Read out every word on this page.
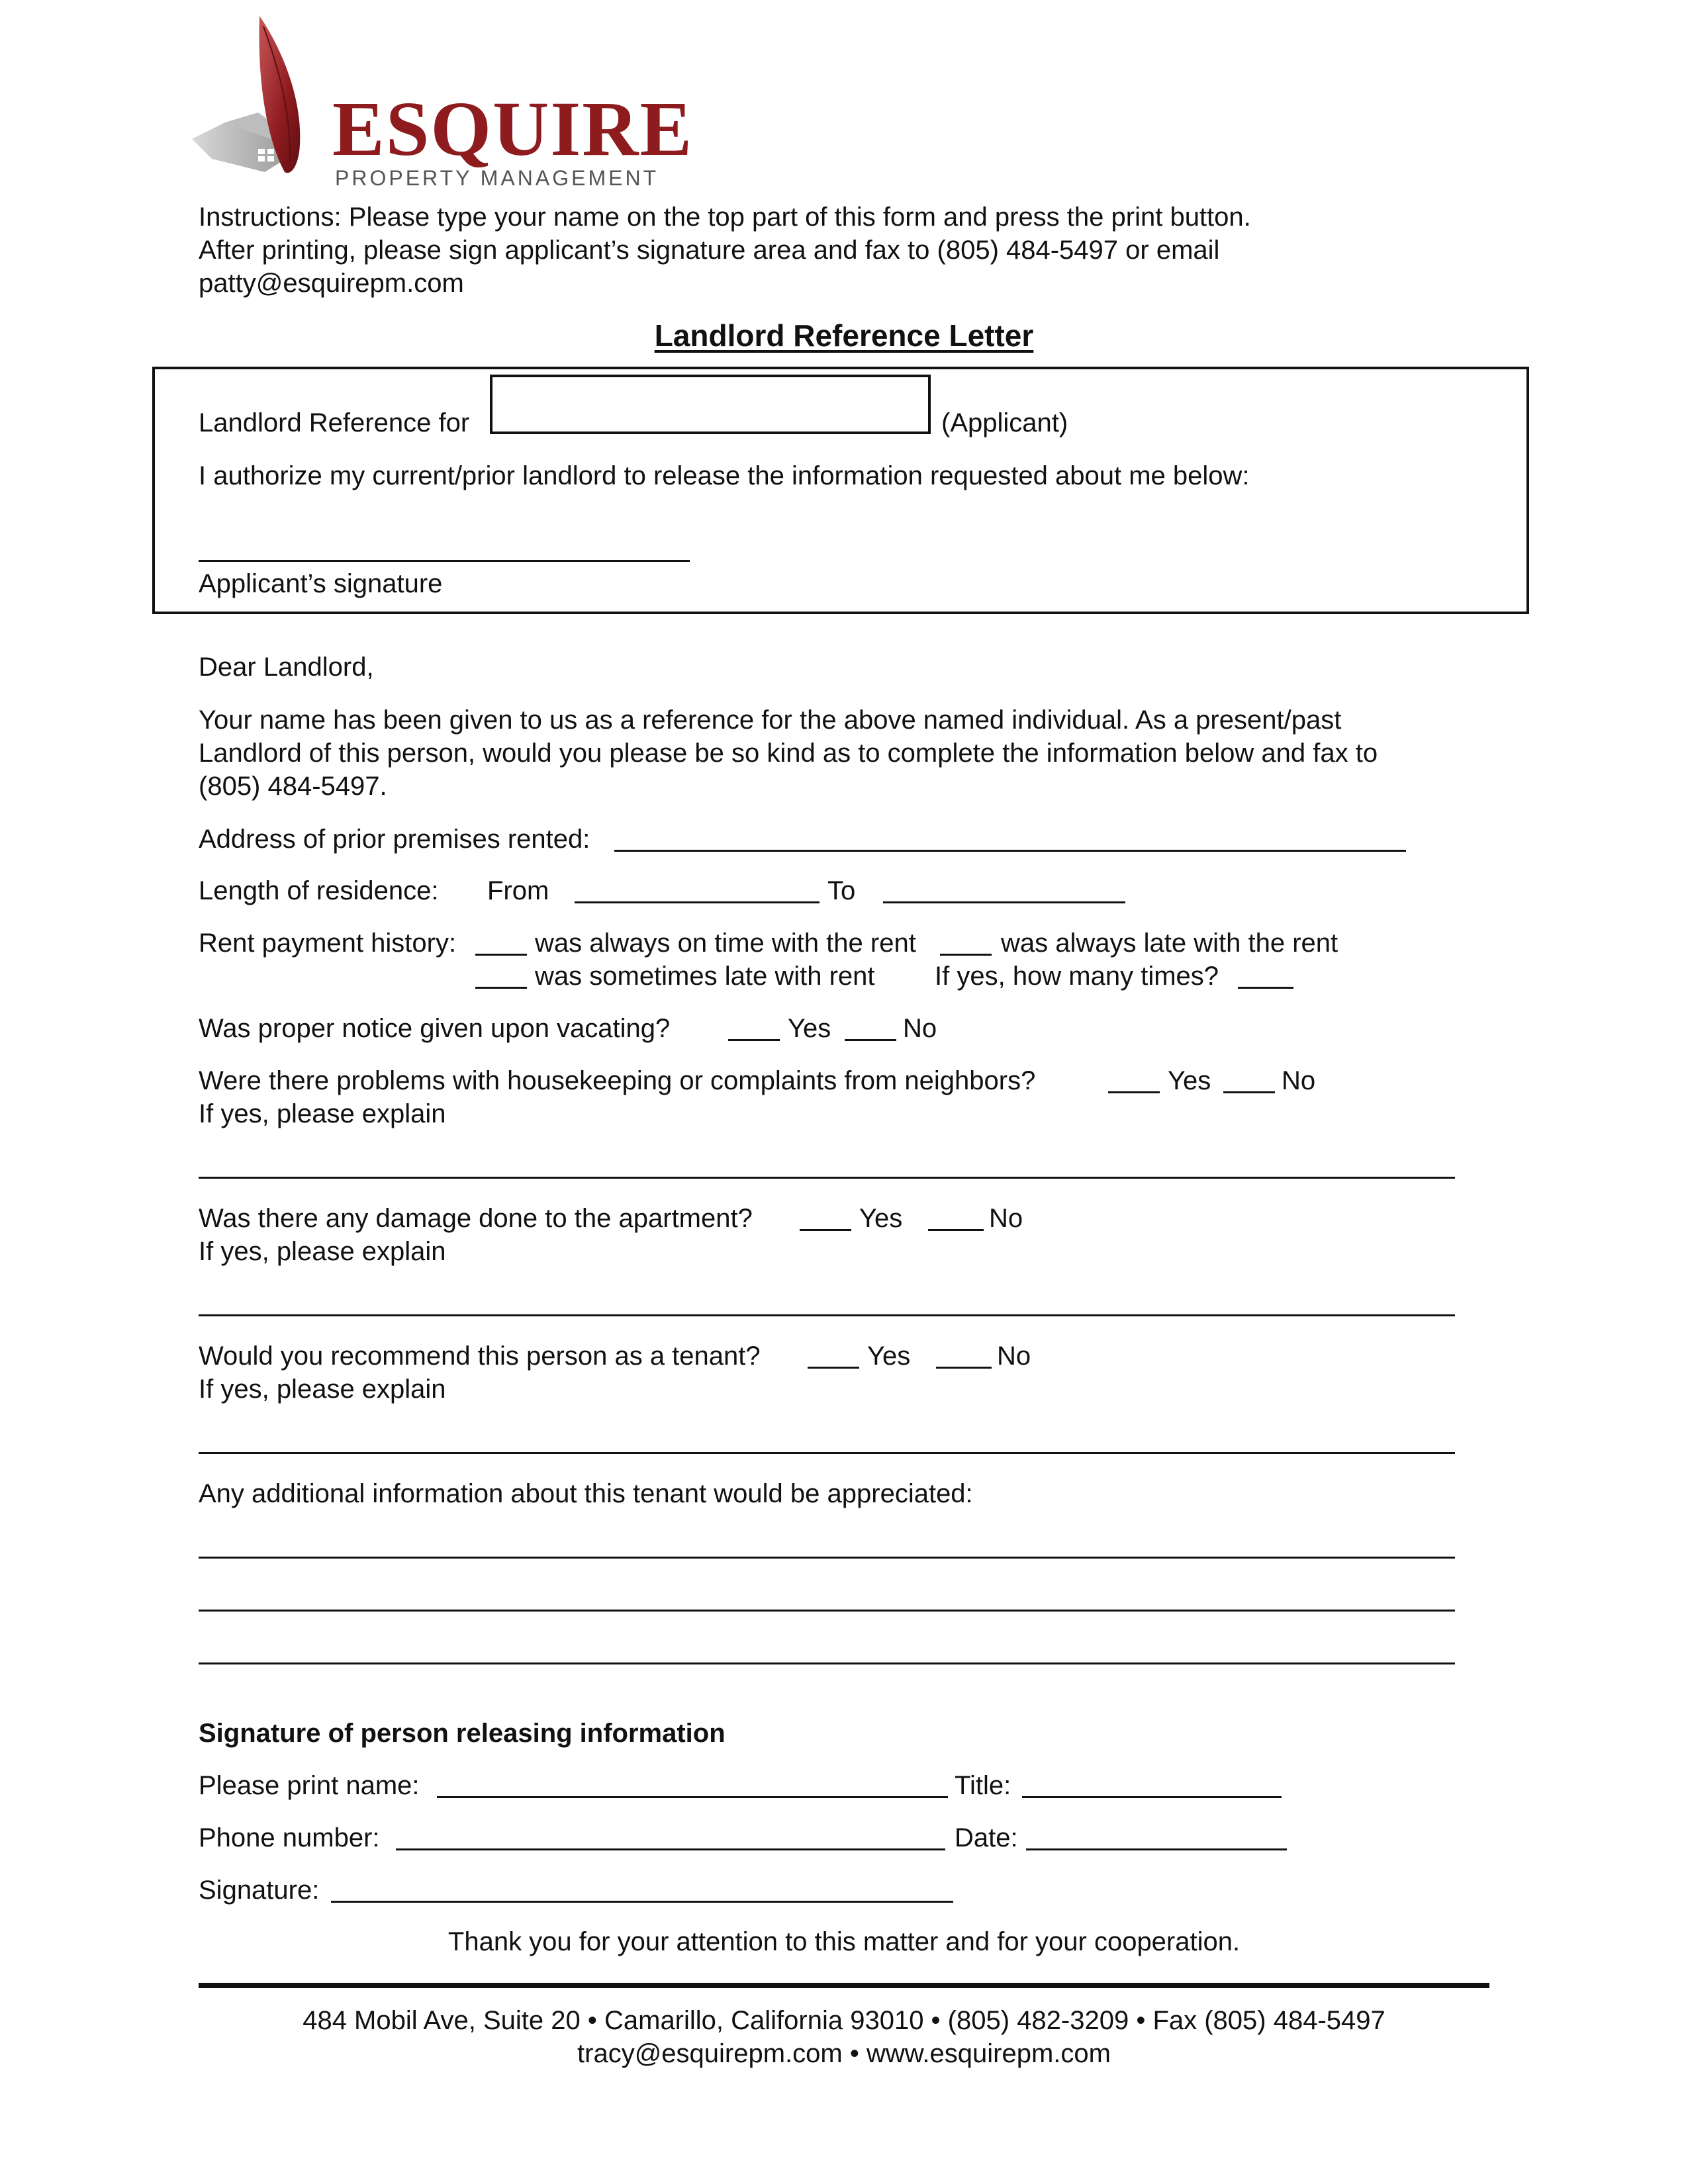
ESQUIRE
PROPERTY MANAGEMENT
Instructions: Please type your name on the top part of this form and press the print button.
After printing, please sign applicant’s signature area and fax to (805) 484-5497 or email
patty@esquirepm.com
Landlord Reference Letter
Landlord Reference for	(Applicant)
I authorize my current/prior landlord to release the information requested about me below:
Applicant’s signature
Dear Landlord,
Your name has been given to us as a reference for the above named individual. As a present/past
Landlord of this person, would you please be so kind as to complete the information below and fax to
(805) 484-5497.
Address of prior premises rented:
Length of residence: From	To
Rent payment history:	was always on time with the rent	was always late with the rent
was sometimes late with rent If yes, how many times?
Was proper notice given upon vacating?	Yes	No
Were there problems with housekeeping or complaints from neighbors?	Yes	No
If yes, please explain
Was there any damage done to the apartment?	Yes	No
If yes, please explain
Would you recommend this person as a tenant?	Yes	No
If yes, please explain
Any additional information about this tenant would be appreciated:
Signature of person releasing information
Please print name:	Title:
Phone number:	Date:
Signature:
Thank you for your attention to this matter and for your cooperation.
484 Mobil Ave, Suite 20 • Camarillo, California 93010 • (805) 482-3209 • Fax (805) 484-5497
tracy@esquirepm.com • www.esquirepm.com
